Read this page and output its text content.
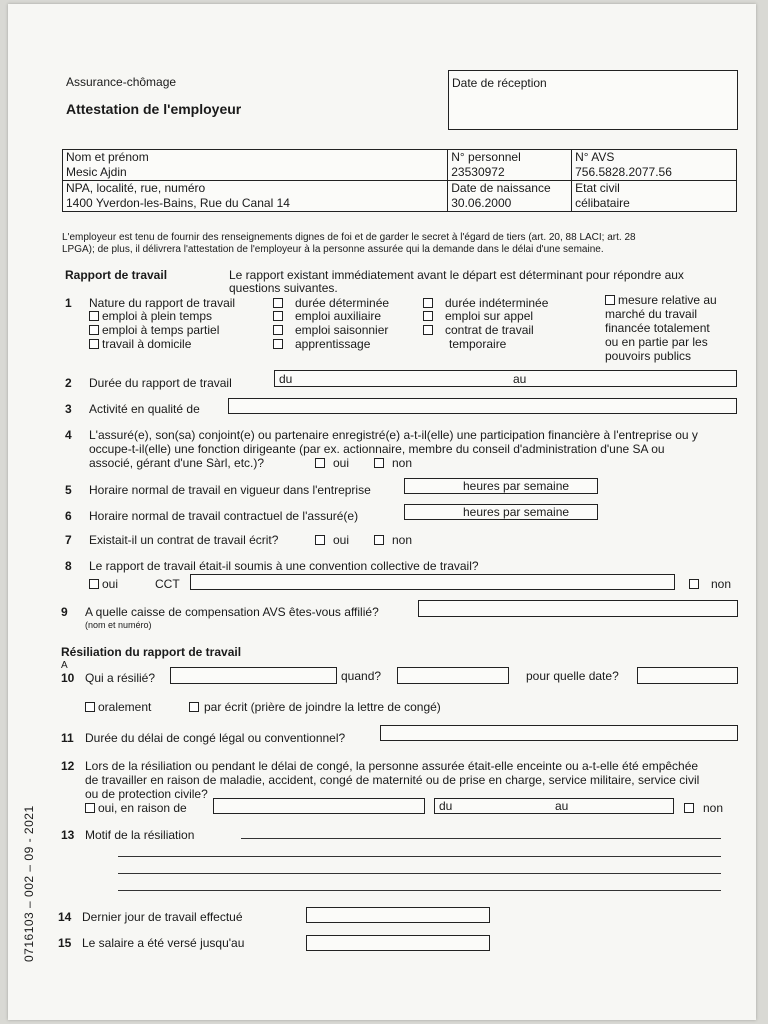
Assurance-chômage
Attestation de l'employeur
Date de réception
Nom et prénom	N° personnel	N° AVS
Mesic Ajdin	23530972	756.5828.2077.56
NPA, localité, rue, numéro	Date de naissance	Etat civil
1400 Yverdon-les-Bains, Rue du Canal 14	30.06.2000	célibataire
L'employeur est tenu de fournir des renseignements dignes de foi et de garder le secret à l'égard de tiers (art. 20, 88 LACI; art. 28
LPGA); de plus, il délivrera l'attestation de l'employeur à la personne assurée qui la demande dans le délai d'une semaine.
Rapport de travail	Le rapport existant immédiatement avant le départ est déterminant pour répondre aux
questions suivantes.
1 Nature du rapport de travail
emploi à plein temps
emploi à temps partiel
travail à domicile
durée déterminée
emploi auxiliaire
emploi saisonnier
apprentissage
durée indéterminée
emploi sur appel
contrat de travail
temporaire
mesure relative au
marché du travail
financée totalement
ou en partie par les
pouvoirs publics
2 Durée du rapport de travail	du	au
3 Activité en qualité de
4 L'assuré(e), son(sa) conjoint(e) ou partenaire enregistré(e) a-t-il(elle) une participation financière à l'entreprise ou y
occupe-t-il(elle) une fonction dirigeante (par ex. actionnaire, membre du conseil d'administration d'une SA ou
associé, gérant d'une Sàrl, etc.)?	oui	non
5 Horaire normal de travail en vigueur dans l'entreprise	heures par semaine
6 Horaire normal de travail contractuel de l'assuré(e)	heures par semaine
7 Existait-il un contrat de travail écrit?	oui	non
8 Le rapport de travail était-il soumis à une convention collective de travail?
oui	CCT	non
9 A quelle caisse de compensation AVS êtes-vous affilié?
(nom et numéro)
Résiliation du rapport de travail
A
10 Qui a résilié?	quand?	pour quelle date?
oralement	par écrit (prière de joindre la lettre de congé)
11 Durée du délai de congé légal ou conventionnel?
12 Lors de la résiliation ou pendant le délai de congé, la personne assurée était-elle enceinte ou a-t-elle été empêchée
de travailler en raison de maladie, accident, congé de maternité ou de prise en charge, service militaire, service civil
ou de protection civile?
oui, en raison de	du	au	non
13 Motif de la résiliation
14 Dernier jour de travail effectué
15 Le salaire a été versé jusqu'au
0716103 – 002 – 09 - 2021
